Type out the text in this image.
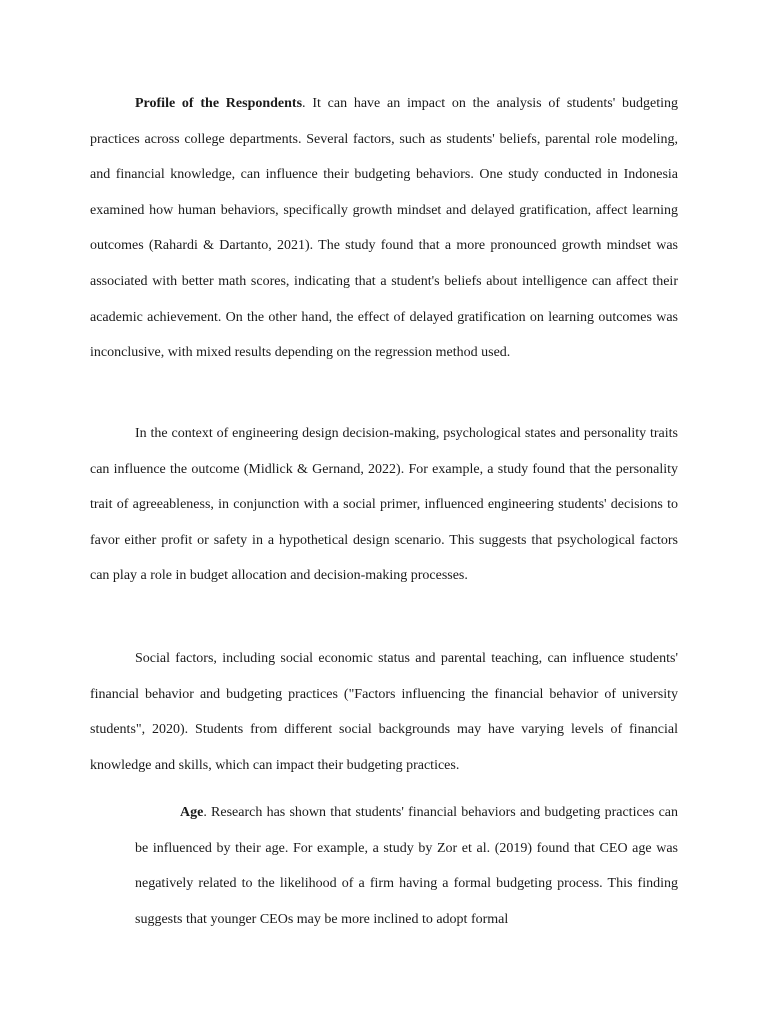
Profile of the Respondents. It can have an impact on the analysis of students' budgeting practices across college departments. Several factors, such as students' beliefs, parental role modeling, and financial knowledge, can influence their budgeting behaviors. One study conducted in Indonesia examined how human behaviors, specifically growth mindset and delayed gratification, affect learning outcomes (Rahardi & Dartanto, 2021). The study found that a more pronounced growth mindset was associated with better math scores, indicating that a student's beliefs about intelligence can affect their academic achievement. On the other hand, the effect of delayed gratification on learning outcomes was inconclusive, with mixed results depending on the regression method used.

In the context of engineering design decision-making, psychological states and personality traits can influence the outcome (Midlick & Gernand, 2022). For example, a study found that the personality trait of agreeableness, in conjunction with a social primer, influenced engineering students' decisions to favor either profit or safety in a hypothetical design scenario. This suggests that psychological factors can play a role in budget allocation and decision-making processes.

Social factors, including social economic status and parental teaching, can influence students' financial behavior and budgeting practices ("Factors influencing the financial behavior of university students", 2020). Students from different social backgrounds may have varying levels of financial knowledge and skills, which can impact their budgeting practices.

Age. Research has shown that students' financial behaviors and budgeting practices can be influenced by their age. For example, a study by Zor et al. (2019) found that CEO age was negatively related to the likelihood of a firm having a formal budgeting process. This finding suggests that younger CEOs may be more inclined to adopt formal
